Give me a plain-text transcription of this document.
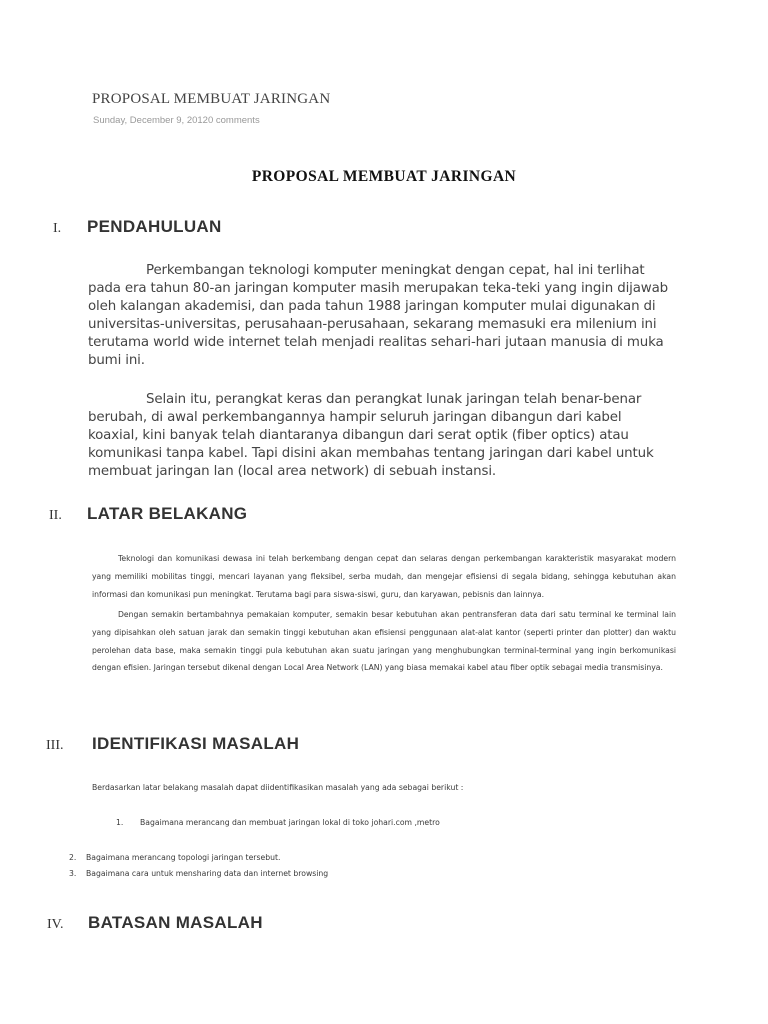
PROPOSAL MEMBUAT JARINGAN
Sunday, December 9, 20120 comments
PROPOSAL MEMBUAT JARINGAN
I. PENDAHULUAN
Perkembangan teknologi komputer meningkat dengan cepat, hal ini terlihat pada era tahun 80-an jaringan komputer masih merupakan teka-teki yang ingin dijawab oleh kalangan akademisi, dan pada tahun 1988 jaringan komputer mulai digunakan di universitas-universitas, perusahaan-perusahaan, sekarang memasuki era milenium ini terutama world wide internet telah menjadi realitas sehari-hari jutaan manusia di muka bumi ini.
Selain itu, perangkat keras dan perangkat lunak jaringan telah benar-benar berubah, di awal perkembangannya hampir seluruh jaringan dibangun dari kabel koaxial, kini banyak telah diantaranya dibangun dari serat optik (fiber optics) atau komunikasi tanpa kabel. Tapi disini akan membahas tentang jaringan dari kabel untuk membuat jaringan lan (local area network) di sebuah instansi.
II. LATAR BELAKANG
Teknologi dan komunikasi dewasa ini telah berkembang dengan cepat dan selaras dengan perkembangan karakteristik masyarakat modern yang memiliki mobilitas tinggi, mencari layanan yang fleksibel, serba mudah, dan mengejar efisiensi di segala bidang, sehingga kebutuhan akan informasi dan komunikasi pun meningkat. Terutama bagi para siswa-siswi, guru, dan karyawan, pebisnis dan lainnya.
Dengan semakin bertambahnya pemakaian komputer, semakin besar kebutuhan akan pentransferan data dari satu terminal ke terminal lain yang dipisahkan oleh satuan jarak dan semakin tinggi kebutuhan akan efisiensi penggunaan alat-alat kantor (seperti printer dan plotter) dan waktu perolehan data base, maka semakin tinggi pula kebutuhan akan suatu jaringan yang menghubungkan terminal-terminal yang ingin berkomunikasi dengan efisien. Jaringan tersebut dikenal dengan Local Area Network (LAN) yang biasa memakai kabel atau fiber optik sebagai media transmisinya.
III. IDENTIFIKASI MASALAH
Berdasarkan latar belakang masalah dapat diidentifikasikan masalah yang ada sebagai berikut :
1. Bagaimana merancang dan membuat jaringan lokal di toko johari.com ,metro
2. Bagaimana merancang topologi jaringan tersebut.
3. Bagaimana cara untuk mensharing data dan internet browsing
IV. BATASAN MASALAH
